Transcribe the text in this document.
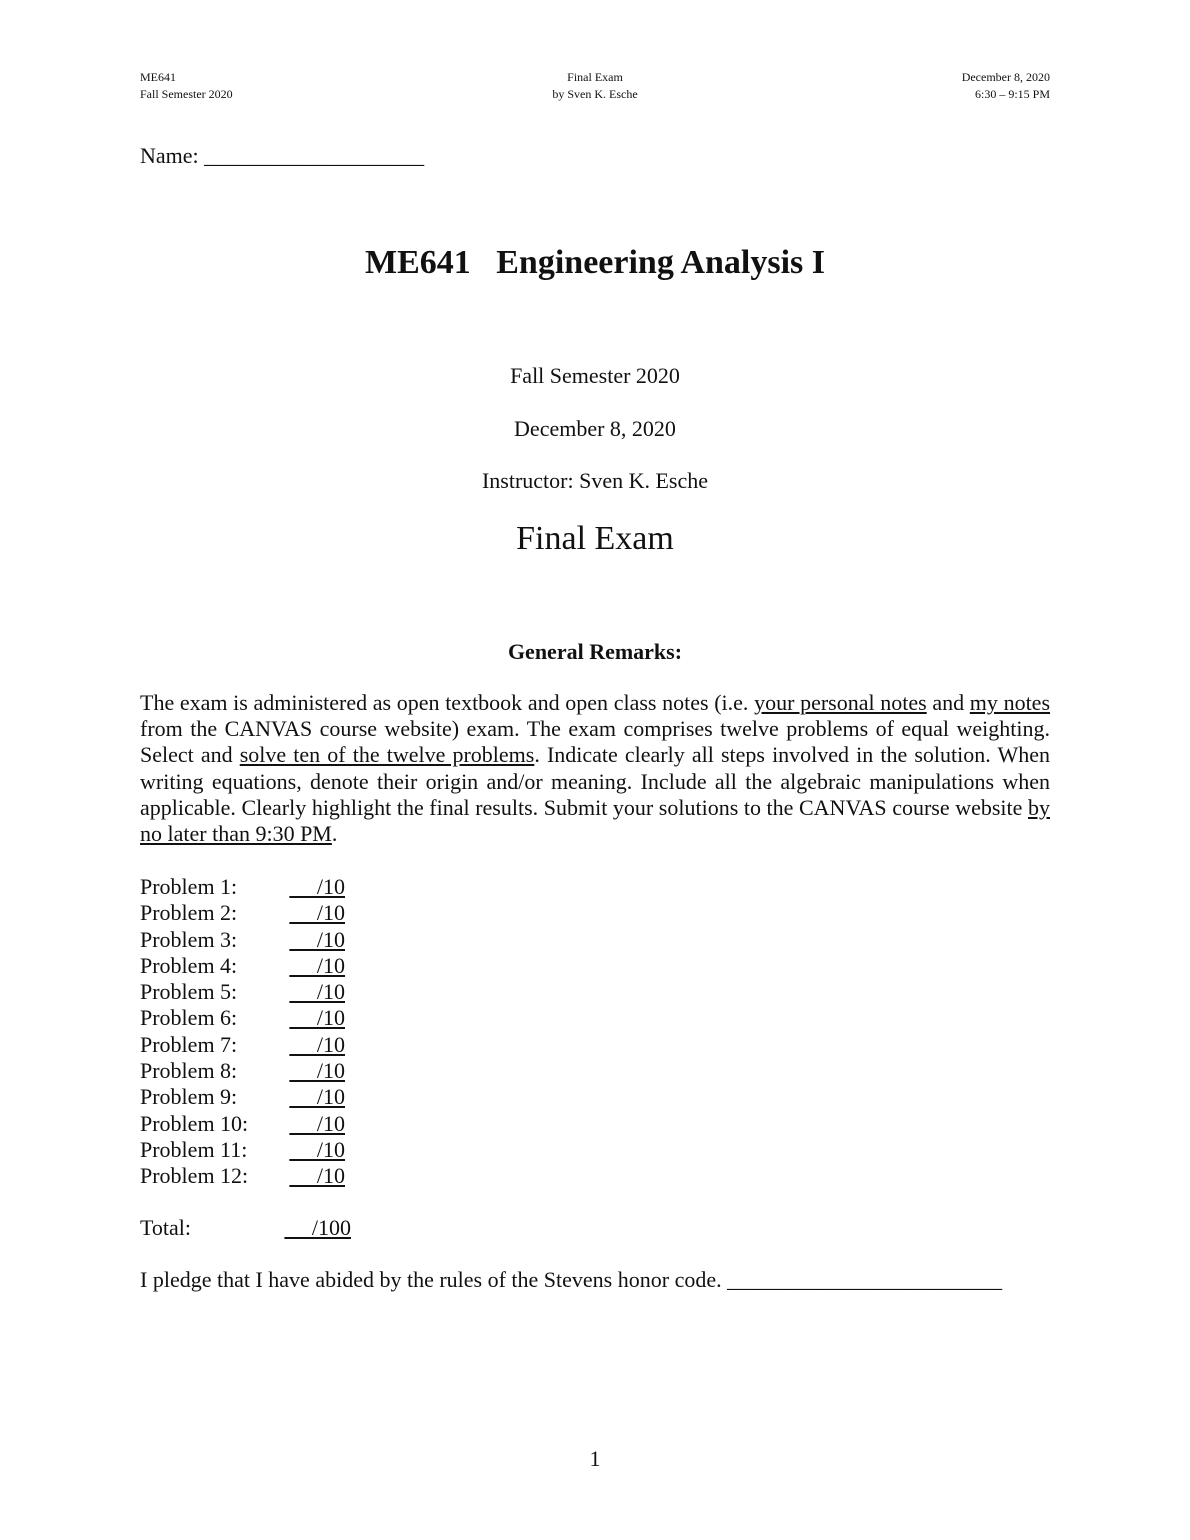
ME641
Fall Semester 2020
Final Exam
by Sven K. Esche
December 8, 2020
6:30 – 9:15 PM
Name: ____________________
ME641   Engineering Analysis I
Fall Semester 2020
December 8, 2020
Instructor: Sven K. Esche
Final Exam
General Remarks:
The exam is administered as open textbook and open class notes (i.e. your personal notes and my notes from the CANVAS course website) exam. The exam comprises twelve problems of equal weighting. Select and solve ten of the twelve problems. Indicate clearly all steps involved in the solution. When writing equations, denote their origin and/or meaning. Include all the algebraic manipulations when applicable. Clearly highlight the final results. Submit your solutions to the CANVAS course website by no later than 9:30 PM.
Problem 1:	/10
Problem 2:	/10
Problem 3:	/10
Problem 4:	/10
Problem 5:	/10
Problem 6:	/10
Problem 7:	/10
Problem 8:	/10
Problem 9:	/10
Problem 10:	/10
Problem 11:	/10
Problem 12:	/10
Total:	/100
I pledge that I have abided by the rules of the Stevens honor code. _________________________
1
